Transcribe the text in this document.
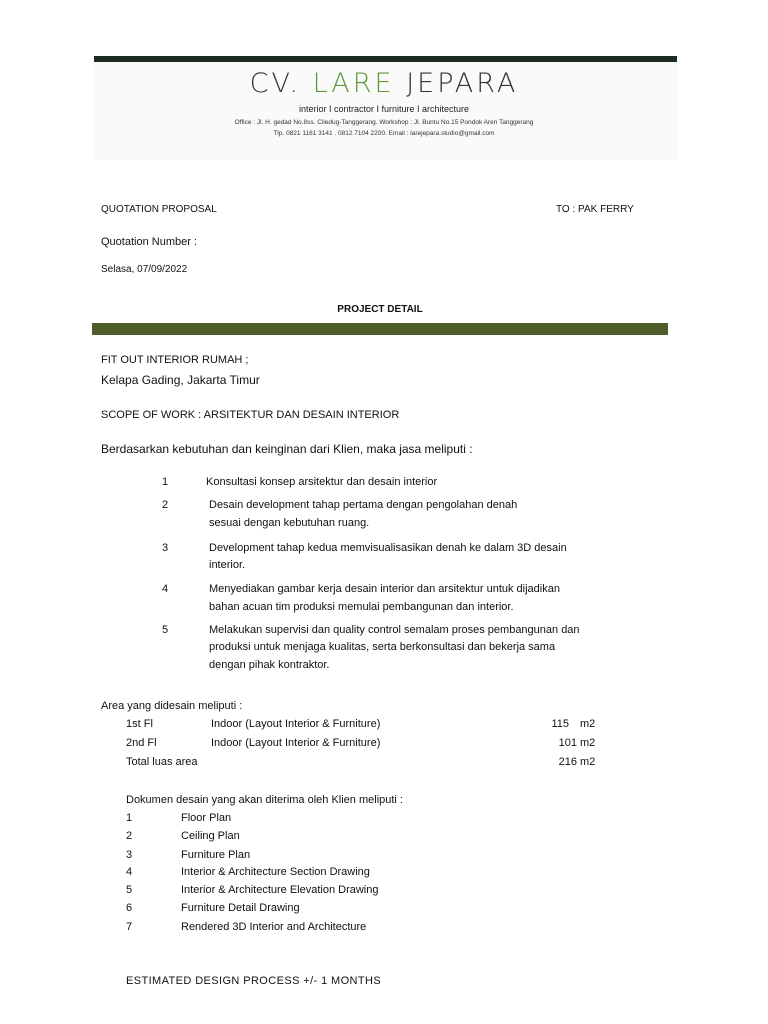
CV. LARE JEPARA
interior I contractor I furniture I architecture
Office : Jl. H. gedad No.8ss. Ciledug-Tanggerang. Workshop : Jl. Buntu No.15 Pondok Aren Tanggerang
Tlp. 0821 1161 3141 . 0812 7104 2200. Email : larejepara.studio@gmail.com
QUOTATION PROPOSAL	TO : PAK FERRY
Quotation Number :
Selasa, 07/09/2022
PROJECT DETAIL
FIT OUT INTERIOR RUMAH ;
Kelapa Gading, Jakarta Timur
SCOPE OF WORK : ARSITEKTUR DAN DESAIN INTERIOR
Berdasarkan kebutuhan dan keinginan dari Klien, maka jasa meliputi :
1	Konsultasi konsep arsitektur dan desain interior
2	Desain development tahap pertama dengan pengolahan denah
sesuai dengan kebutuhan ruang.
3	Development tahap kedua memvisualisasikan denah ke dalam 3D desain
interior.
4	Menyediakan gambar kerja desain interior dan arsitektur untuk dijadikan
bahan acuan tim produksi memulai pembangunan dan interior.
5	Melakukan supervisi dan quality control semalam proses pembangunan dan
produksi untuk menjaga kualitas, serta berkonsultasi dan bekerja sama
dengan pihak kontraktor.
Area yang didesain meliputi :
1st Fl	Indoor (Layout Interior & Furniture)	115 m2
2nd Fl	Indoor (Layout Interior & Furniture)	101 m2
Total luas area	216 m2
Dokumen desain yang akan diterima oleh Klien meliputi :
1	Floor Plan
2	Ceiling Plan
3	Furniture Plan
4	Interior & Architecture Section Drawing
5	Interior & Architecture Elevation Drawing
6	Furniture Detail Drawing
7	Rendered 3D Interior and Architecture
ESTIMATED DESIGN PROCESS +/- 1 MONTHS
